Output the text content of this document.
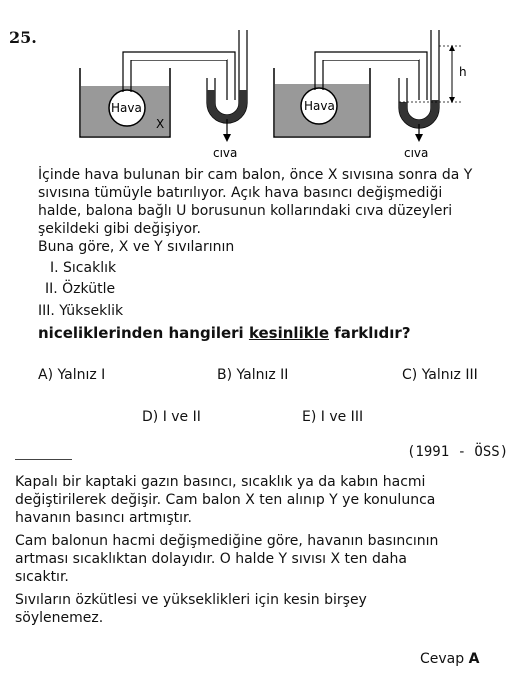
25.
Hava
X
cıva
Hava
h
cıva
İçinde hava bulunan bir cam balon, önce X sıvısına sonra da Y
sıvısına tümüyle batırılıyor. Açık hava basıncı değişmediği
halde, balona bağlı U borusunun kollarındaki cıva düzeyleri
şekildeki gibi değişiyor.
Buna göre, X ve Y sıvılarının
I. Sıcaklık
II. Özkütle
III. Yükseklik
niceliklerinden hangileri kesinlikle farklıdır?
A) Yalnız I	B) Yalnız II	C) Yalnız III
D) I ve II	E) I ve III
(1991 - ÖSS)
Kapalı bir kaptaki gazın basıncı, sıcaklık ya da kabın hacmi
değiştirilerek değişir. Cam balon X ten alınıp Y ye konulunca
havanın basıncı artmıştır.
Cam balonun hacmi değişmediğine göre, havanın basıncının
artması sıcaklıktan dolayıdır. O halde Y sıvısı X ten daha
sıcaktır.
Sıvıların özkütlesi ve yükseklikleri için kesin birşey
söylenemez.
Cevap A
